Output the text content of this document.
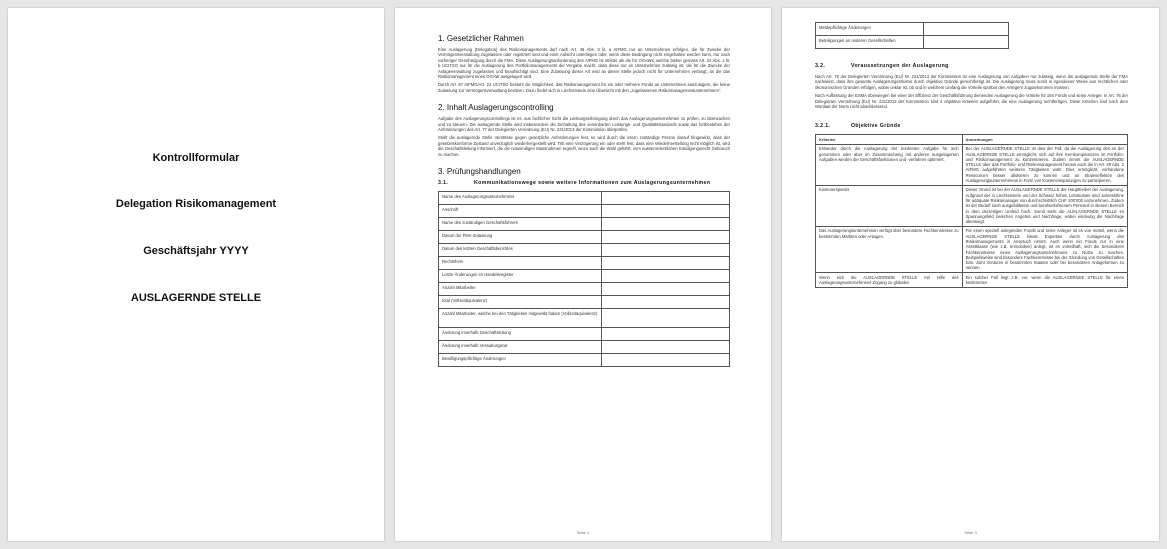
Kontrollformular
Delegation Risikomanagement
Geschäftsjahr YYYY
AUSLAGERNDE STELLE
1. Gesetzlicher Rahmen

Eine Auslagerung (Delegation) des Risikomanagements darf nach Art. 46 Abs. 3 lit. a AIFMG nur an Unternehmen erfolgen, die für Zwecke der Vermögensverwaltung zugelassen oder registriert sind und einer Aufsicht unterliegen oder, wenn diese Bedingung nicht eingehalten werden kann, nur nach vorheriger Genehmigung durch die FMA. Diese Auslagerungsanforderung des AIFMG ist strikter als die für OGAWs, welche bisher gemäss Art. 22 Abs. 1 lit. b UCITSG nur für die Auslagerung des Portfoliomanagements die Vorgabe macht, dass diese nur an Unternehmen zulässig ist, die für die Zwecke der Anlageverwaltung zugelassen und beaufsichtigt sind. Eine Zulassung dieser Art wird an dieser Stelle jedoch nicht für Unternehmen verlangt, an die das Risikomanagement eines OGAW ausgelagert wird.

Durch Art. 67 AIFMG/Art. 22 UCITSG besteht die Möglichkeit, das Risikomanagement für ein oder mehrere Fonds an Unternehmen auszulagern, die keine Zulassung zur Vermögensverwaltung besitzen. Dazu findet sich in Liechtenstein eine Übersicht mit den „zugelassenen Risikomanagementunternehmen“.

2. Inhalt Auslagerungscontrolling

Aufgabe des Auslagerungscontrollings ist es, aus fachlicher Sicht die Leistungserbringung durch das Auslagerungsunternehmen zu prüfen, zu überwachen und zu steuern. Die auslagernde Stelle wird insbesondere die Einhaltung des vereinbarten Leistungs- und Qualitätsstandards sowie das fortbestehen der Anforderungen des Art. 77 der Delegierten Verordnung (EU) Nr. 231/2013 der Kommission überprüfen.

Stellt die auslagernde Stelle Verstösse gegen gesetzliche Anforderungen fest, so wird durch die intern zuständige Person darauf hingewirkt, dass der gesetzeskonforme Zustand unverzüglich wiederhergestellt wird. Tritt eine Verzögerung ein oder steht fest, dass eine Wiederherstellung nicht möglich ist, wird die Geschäftsleitung informiert, die die notwendigen Massnahmen ergreift, wozu auch die Wahl geführt, vom ausserordentlichen Kündigungsrecht Gebrauch zu machen.

3. Prüfungshandlungen
3.1.	Kommunikationswege sowie weitere Informationen zum Auslagerungsunternehmen
Name des Auslagerungsunternehmens	
Anschrift	
Name des zuständigen Geschäftsführers	
Datum der FMA-Zulassung	
Datum des letzten Geschäftsberichtes	
Rechtsform	
Letzte Änderungen im Handelsregister	
Anzahl Mitarbeiter	
total (Vollzeitäquivalenz)	
Anzahl Mitarbeiter, welche bei den Tätigkeiten mitgewirkt haben (Vollzeitäquivalenz)	
Änderung innerhalb Geschäftsleitung	
Änderung innerhalb Verwaltungsrat	
Bewilligungspflichtige Änderungen	
Seite 2
Meldepflichtige Änderungen	
Beteiligungen an anderen Gesellschaften	
3.2.	Voraussetzungen der Auslagerung

Nach Art. 76 der Delegierten Verordnung (EU) Nr. 231/2013 der Kommission ist eine Auslagerung von Aufgaben nur zulässig, wenn die auslagernde Stelle der FMA nachweist, dass ihre gesamte Auslagerungsstruktur durch objektive Gründe gerechtfertigt ist. Die Auslagerung muss somit in irgendeiner Weise aus rechtlichen oder ökonomischen Gründen erfolgen, wobei unklar ist, ob und in welchem Umfang die Vorteile spürbar den Anlegern zugutekommen müssen.

Nach Auffassung der ESMA überwiegen bei einer der Effizienz der Geschäftsführung dienenden Auslagerung die Vorteile für den Fonds und seine Anleger. In Art. 76 der Delegierten Verordnung (EU) Nr. 231/2013 der Kommission sind 4 objektive Kriterien aufgeführt, die eine Auslagerung rechtfertigen. Diese Kriterien sind nach dem Wortlaut der Norm nicht abschliessend.

3.2.1.	Objektive Gründe
Kriterien	Anmerkungen
Entweder durch die Auslagerung der konkreten Aufgabe für sich genommen oder aber im Zusammenhang mit anderen ausgelagerten Aufgaben werden die Geschäftsfunktionen und -verfahren optimiert.	Bei der AUSLAGERNDE STELLE ist dies der Fall, da die Auslagerung des an der AUSLAGERNDE STELLE ermöglicht, sich auf ihre Kernkompetenzen im Portfolio- und Risikomanagement zu konzentrieren. Zudem nimmt die AUSLAGERNDE STELLE über das Portfolio- und Risikomanagement heraus auch die in Art. 29 Abs. 2 AIFMG aufgeführten weiteren Tätigkeiten wahr. Dies ermöglicht, vorhandene Ressourcen besser allokieren zu können und an Skaleneffekten des Auslagerungsunternehmens in Form von Kosteneinsparungen zu partizipieren.
Kostenersparnis	Dieser Grund ist bei der AUSLAGERNDE STELLE der Haupttreiber der Auslagerung. Aufgrund der in Liechtenstein und der Schweiz hohen Lohnkosten sind Jahreslöhne für adäquate Risikomanager von durchschnittlich CHF 200'000 anzunehmen. Zudem ist der Bedarf nach ausgebildetem und berufserfahrenem Personal in diesem Bereich in dem derzeitigen Umfeld hoch. Somit steht die AUSLAGERNDE STELLE im Spannungsfeld zwischen Angebot und Nachfrage, wobei eindeutig die Nachfrage überwiegt.
Das Auslagerungsunternehmen verfügt über besondere Fachkenntnisse zu bestimmten Märkten oder Anlagen.	Für einen speziell anlegenden Fonds und seine Anleger ist es von Vorteil, wenn die AUSLAGERNDE STELLE lokale Expertise durch Auslagerung des Risikomanagements in Anspruch nimmt. Auch wenn ein Fonds nur in eine Assetklasse (wie z.B. Immobilien) anlegt, ist es vorteilhaft, sich die besonderen Fachkenntnisse eines Auslagerungsunternehmens zu Nutze zu machen. Beispielsweise sind besondere Fachkenntnisse bei der Gründung von Gesellschaften bzw. Joint Ventures in bestimmten Staaten oder bei besonderen Anlageformen zu nennen.
Wenn sich die AUSLAGERNDE STELLE mit Hilfe des Auslagerungsunternehmens Zugang zu globalen	Ein solcher Fall liegt z.B. vor, wenn die AUSLAGERNDE STELLE für einen bestimmten
Seite 3
